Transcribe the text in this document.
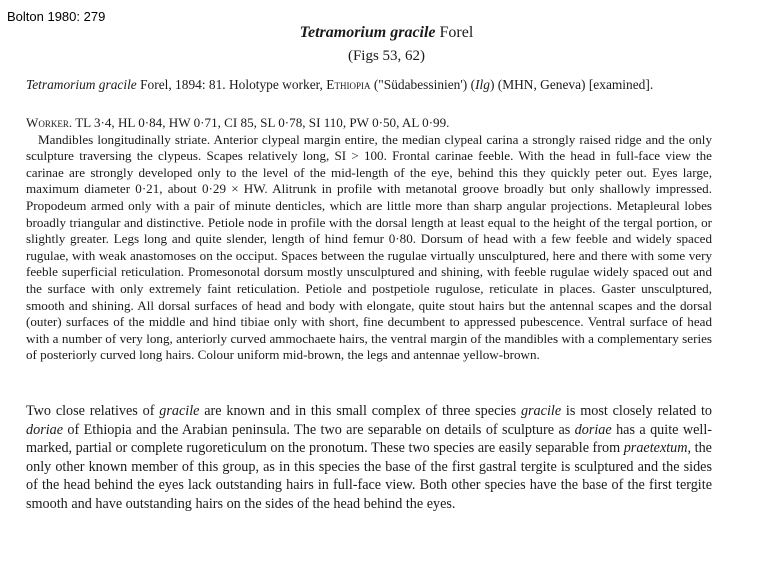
Bolton 1980: 279
Tetramorium gracile Forel
(Figs 53, 62)
Tetramorium gracile Forel, 1894: 81. Holotype worker, Ethiopia ("Südabessinien') (Ilg) (MHN, Geneva) [examined].

Worker. TL 3·4, HL 0·84, HW 0·71, CI 85, SL 0·78, SI 110, PW 0·50, AL 0·99.

Mandibles longitudinally striate. Anterior clypeal margin entire, the median clypeal carina a strongly raised ridge and the only sculpture traversing the clypeus. Scapes relatively long, SI > 100. Frontal carinae feeble. With the head in full-face view the carinae are strongly developed only to the level of the mid-length of the eye, behind this they quickly peter out. Eyes large, maximum diameter 0·21, about 0·29 × HW. Alitrunk in profile with metanotal groove broadly but only shallowly impressed. Propodeum armed only with a pair of minute denticles, which are little more than sharp angular projections. Metapleural lobes broadly triangular and distinctive. Petiole node in profile with the dorsal length at least equal to the height of the tergal portion, or slightly greater. Legs long and quite slender, length of hind femur 0·80. Dorsum of head with a few feeble and widely spaced rugulae, with weak anastomoses on the occiput. Spaces between the rugulae virtually unsculptured, here and there with some very feeble superficial reticulation. Promesonotal dorsum mostly unsculptured and shining, with feeble rugulae widely spaced out and the surface with only extremely faint reticulation. Petiole and postpetiole rugulose, reticulate in places. Gaster unsculptured, smooth and shining. All dorsal surfaces of head and body with elongate, quite stout hairs but the antennal scapes and the dorsal (outer) surfaces of the middle and hind tibiae only with short, fine decumbent to appressed pubescence. Ventral surface of head with a number of very long, anteriorly curved ammochaete hairs, the ventral margin of the mandibles with a complementary series of posteriorly curved long hairs. Colour uniform mid-brown, the legs and antennae yellow-brown.

Two close relatives of gracile are known and in this small complex of three species gracile is most closely related to doriae of Ethiopia and the Arabian peninsula. The two are separable on details of sculpture as doriae has a quite well-marked, partial or complete rugoreticulum on the pronotum. These two species are easily separable from praetextum, the only other known member of this group, as in this species the base of the first gastral tergite is sculptured and the sides of the head behind the eyes lack outstanding hairs in full-face view. Both other species have the base of the first tergite smooth and have outstanding hairs on the sides of the head behind the eyes.
